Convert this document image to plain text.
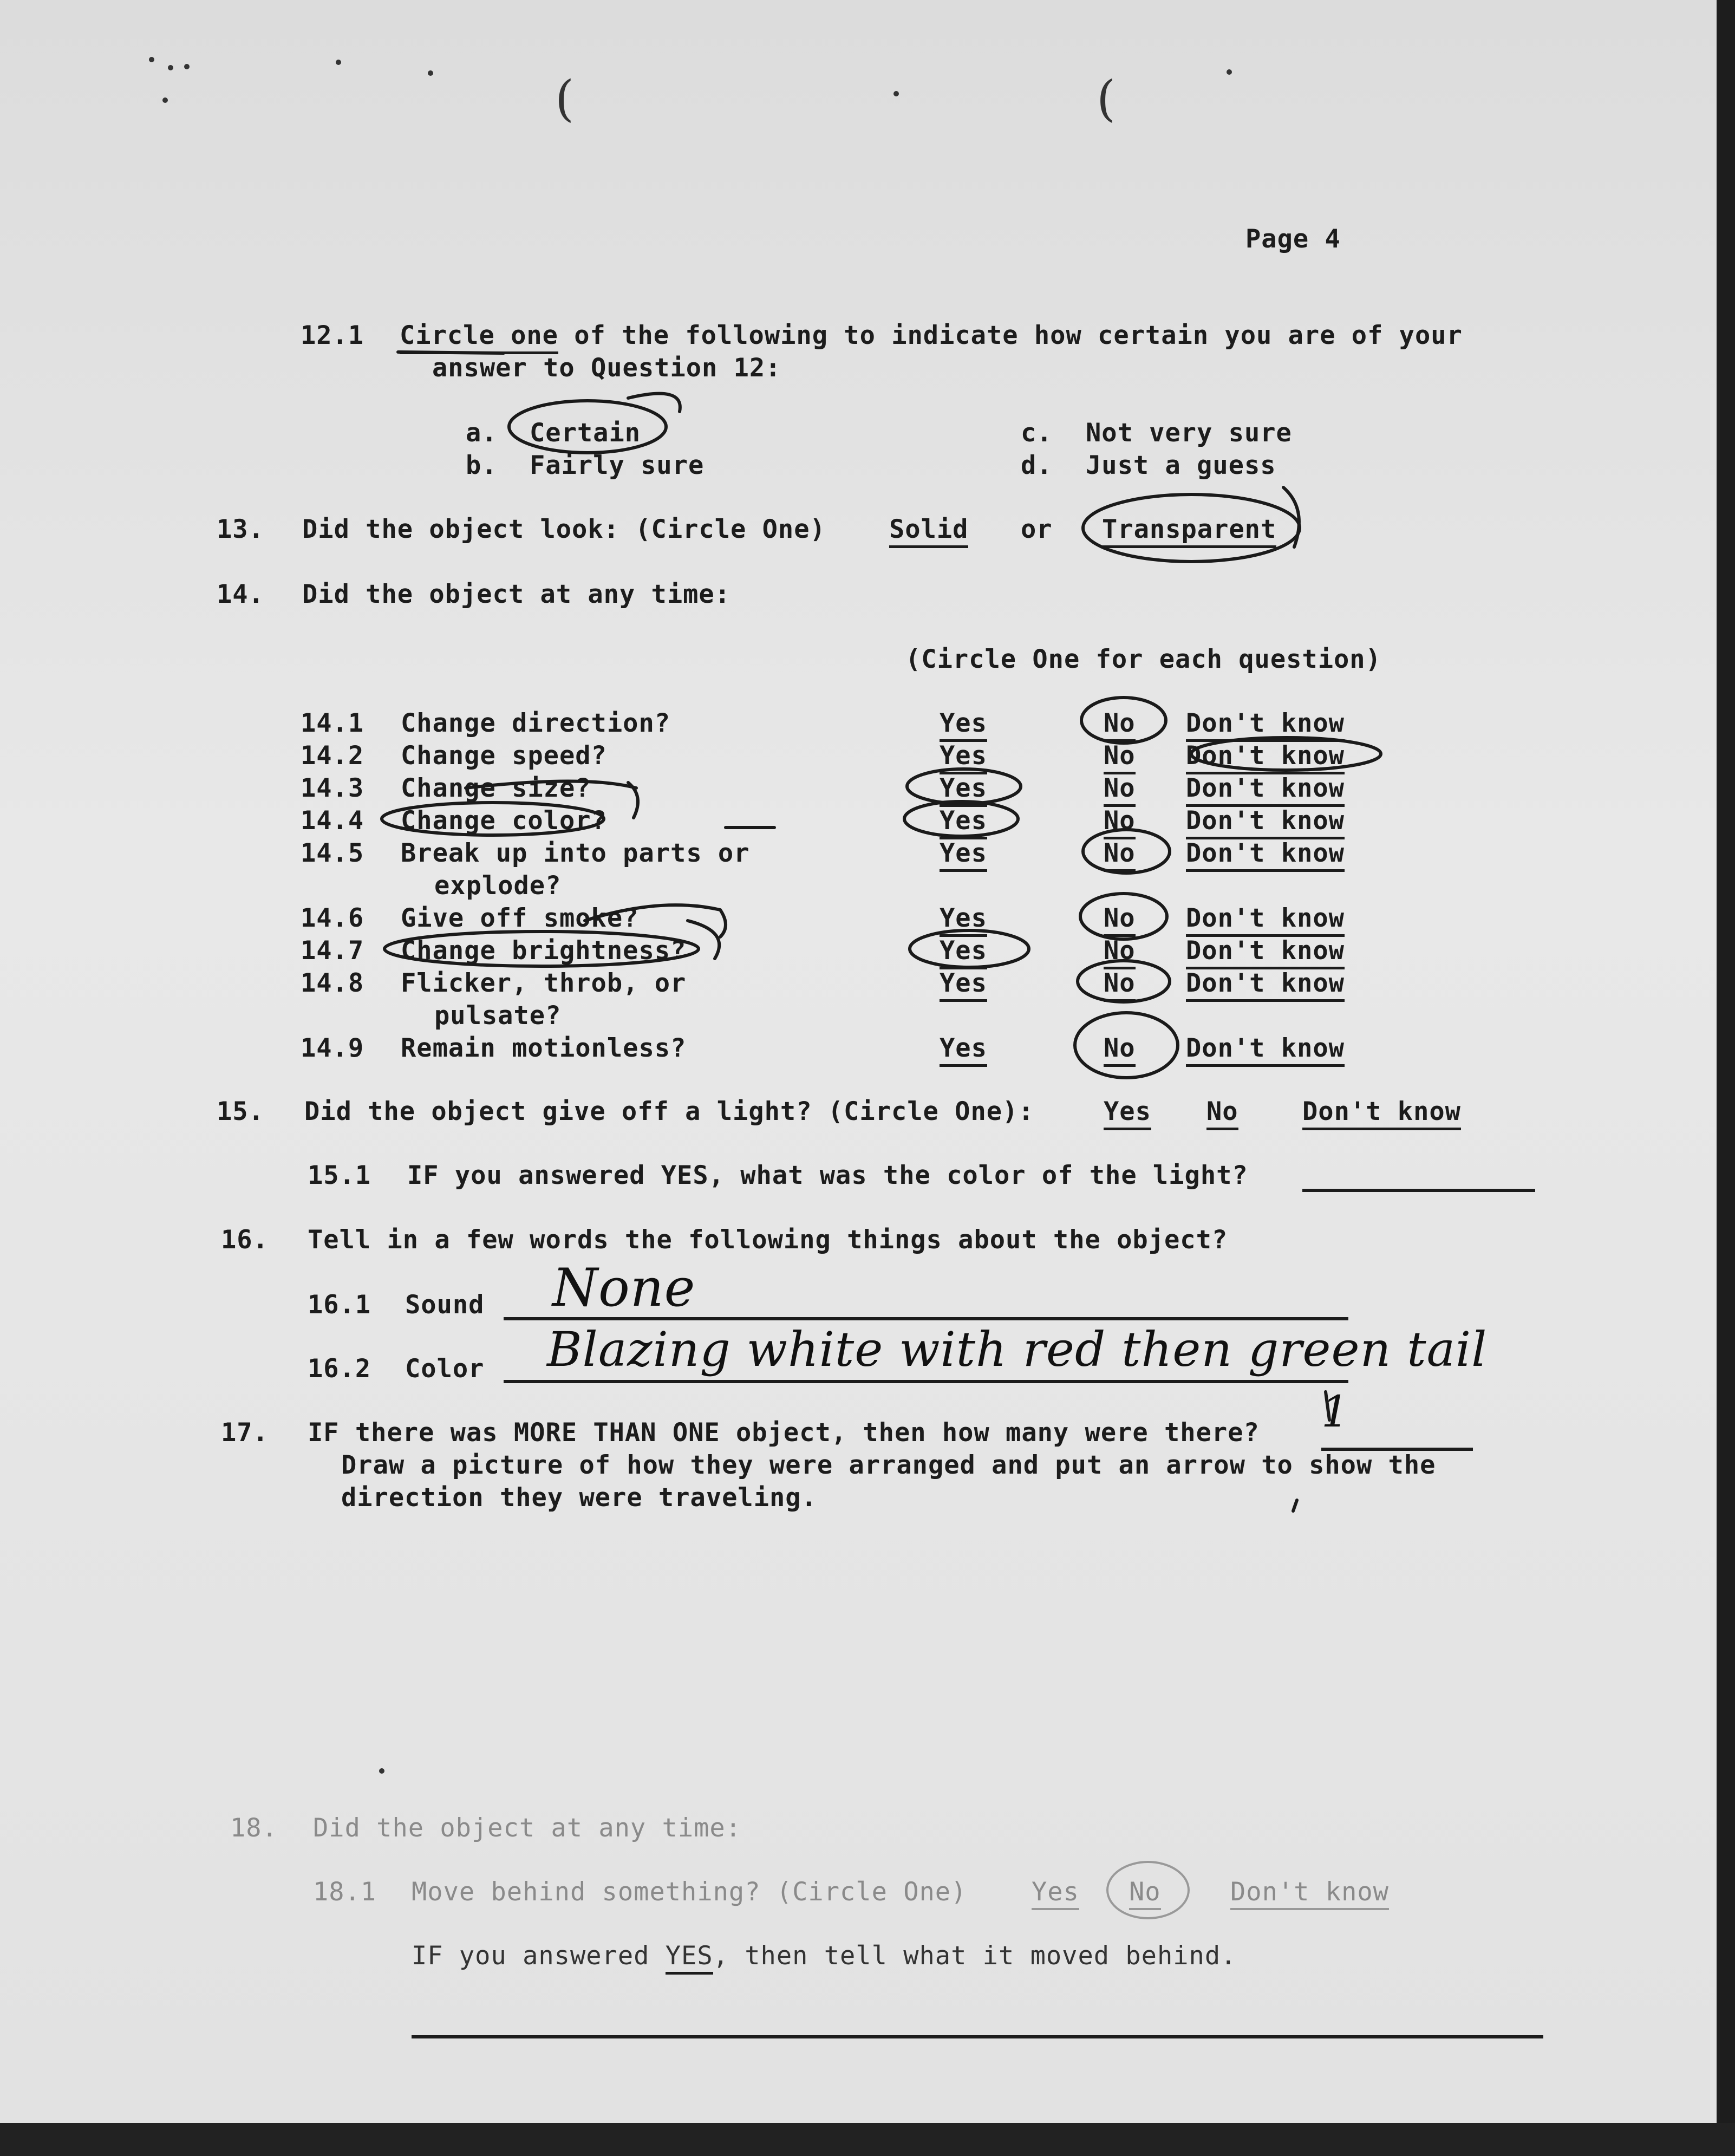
(	(
Page 4
12.1 Circle one of the following to indicate how certain you are of your
answer to Question 12:
a. Certain
b. Fairly sure
c. Not very sure
d. Just a guess
13. Did the object look: (Circle One) Solid or Transparent
14. Did the object at any time:
(Circle One for each question)
14.1 Change direction?	Yes	No Don't know
14.2 Change speed?	Yes	No Don't know
14.3 Change size?	Yes	No Don't know
14.4 Change color?	Yes	No Don't know
14.5 Break up into parts or
explode?
Yes	No Don't know
14.6 Give off smoke?	Yes	No Don't know
14.7 Change brightness?	Yes	No Don't know
14.8 Flicker, throb, or
pulsate?
Yes	No Don't know
14.9 Remain motionless?	Yes	No Don't know
15. Did the object give off a light? (Circle One):	Yes No	Don't know
15.1 IF you answered YES, what was the color of the light?
16. Tell in a few words the following things about the object?
16.1 Sound None
16.2 Color Blazing white with red then green tail
17. IF there was MORE THAN ONE object, then how many were there? 1
Draw a picture of how they were arranged and put an arrow to show the
direction they were traveling.
18. Did the object at any time:
18.1 Move behind something? (Circle One)	Yes No	Don't know
IF you answered YES, then tell what it moved behind.
